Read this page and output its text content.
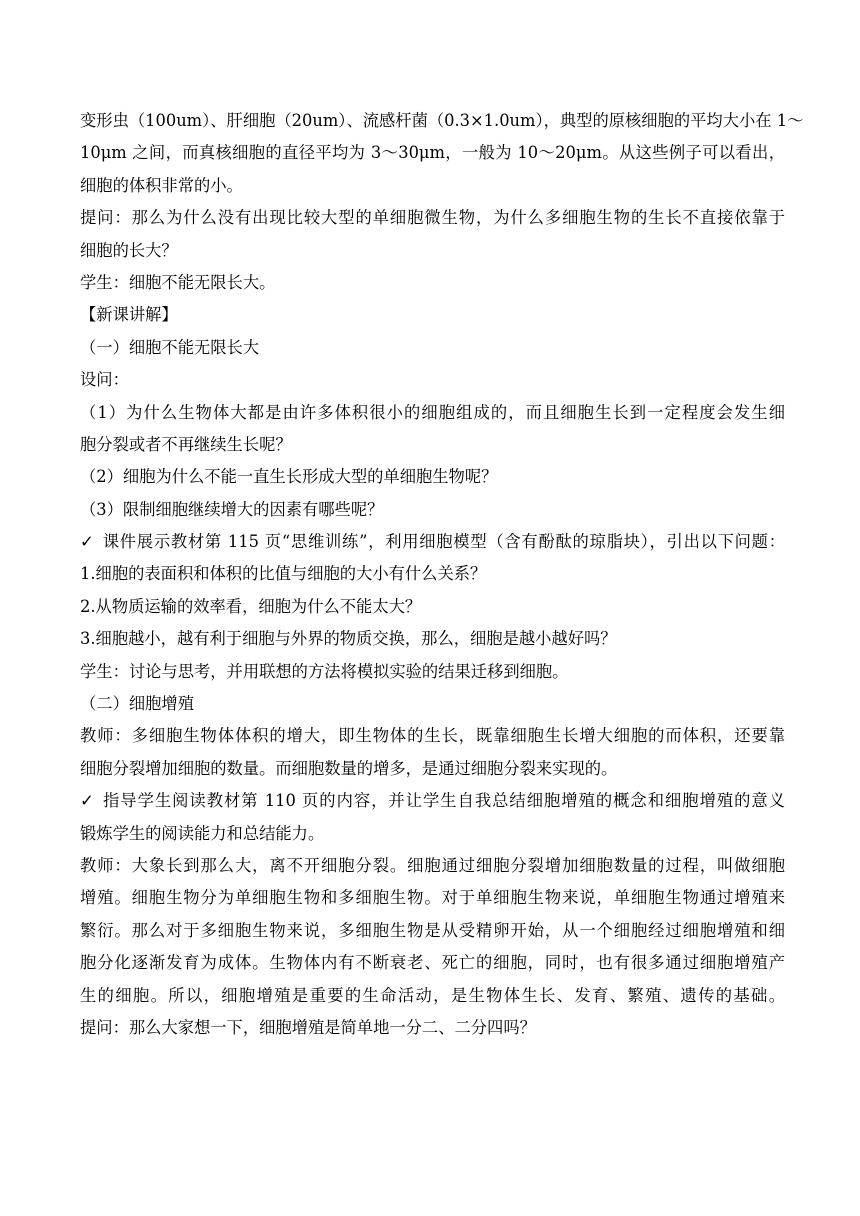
变形虫（100um）、肝细胞（20um）、流感杆菌（0.3×1.0um），典型的原核细胞的平均大小在 1～
10μm 之间，而真核细胞的直径平均为 3～30μm，一般为 10～20μm。从这些例子可以看出，
细胞的体积非常的小。
提问：那么为什么没有出现比较大型的单细胞微生物，为什么多细胞生物的生长不直接依靠于
细胞的长大？
学生：细胞不能无限长大。
【新课讲解】
（一）细胞不能无限长大
设问：
（1）为什么生物体大都是由许多体积很小的细胞组成的，而且细胞生长到一定程度会发生细
胞分裂或者不再继续生长呢？
（2）细胞为什么不能一直生长形成大型的单细胞生物呢？
（3）限制细胞继续增大的因素有哪些呢？
✓ 课件展示教材第 115 页“思维训练”，利用细胞模型（含有酚酞的琼脂块），引出以下问题：
1.细胞的表面积和体积的比值与细胞的大小有什么关系？
2.从物质运输的效率看，细胞为什么不能太大？
3.细胞越小，越有利于细胞与外界的物质交换，那么，细胞是越小越好吗？
学生：讨论与思考，并用联想的方法将模拟实验的结果迁移到细胞。
（二）细胞增殖
教师：多细胞生物体体积的增大，即生物体的生长，既靠细胞生长增大细胞的而体积，还要靠
细胞分裂增加细胞的数量。而细胞数量的增多，是通过细胞分裂来实现的。
✓ 指导学生阅读教材第 110 页的内容，并让学生自我总结细胞增殖的概念和细胞增殖的意义
锻炼学生的阅读能力和总结能力。
教师：大象长到那么大，离不开细胞分裂。细胞通过细胞分裂增加细胞数量的过程，叫做细胞
增殖。细胞生物分为单细胞生物和多细胞生物。对于单细胞生物来说，单细胞生物通过增殖来
繁衍。那么对于多细胞生物来说，多细胞生物是从受精卵开始，从一个细胞经过细胞增殖和细
胞分化逐渐发育为成体。生物体内有不断衰老、死亡的细胞，同时，也有很多通过细胞增殖产
生的细胞。所以，细胞增殖是重要的生命活动，是生物体生长、发育、繁殖、遗传的基础。
提问：那么大家想一下，细胞增殖是简单地一分二、二分四吗？
